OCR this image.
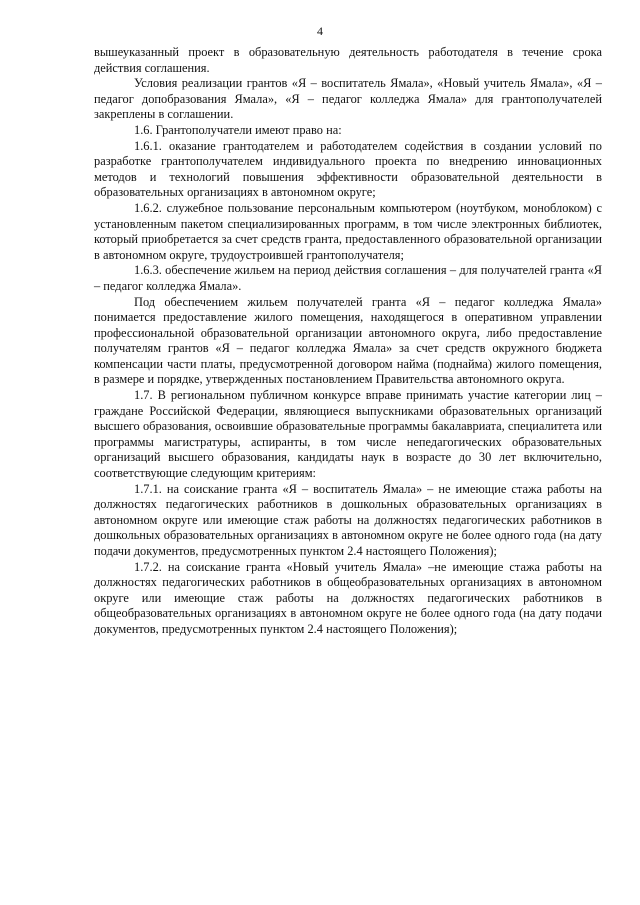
4

вышеуказанный проект в образовательную деятельность работодателя в течение срока действия соглашения.

Условия реализации грантов «Я – воспитатель Ямала», «Новый учитель Ямала», «Я – педагог допобразования Ямала», «Я – педагог колледжа Ямала» для грантополучателей закреплены в соглашении.

1.6. Грантополучатели имеют право на:

1.6.1. оказание грантодателем и работодателем содействия в создании условий по разработке грантополучателем индивидуального проекта по внедрению инновационных методов и технологий повышения эффективности образовательной деятельности в образовательных организациях в автономном округе;

1.6.2. служебное пользование персональным компьютером (ноутбуком, моноблоком) с установленным пакетом специализированных программ, в том числе электронных библиотек, который приобретается за счет средств гранта, предоставленного образовательной организации в автономном округе, трудоустроившей грантополучателя;

1.6.3. обеспечение жильем на период действия соглашения – для получателей гранта «Я – педагог колледжа Ямала».

Под обеспечением жильем получателей гранта «Я – педагог колледжа Ямала» понимается предоставление жилого помещения, находящегося в оперативном управлении профессиональной образовательной организации автономного округа, либо предоставление получателям грантов «Я – педагог колледжа Ямала» за счет средств окружного бюджета компенсации части платы, предусмотренной договором найма (поднайма) жилого помещения, в размере и порядке, утвержденных постановлением Правительства автономного округа.

1.7. В региональном публичном конкурсе вправе принимать участие категории лиц – граждане Российской Федерации, являющиеся выпускниками образовательных организаций высшего образования, освоившие образовательные программы бакалавриата, специалитета или программы магистратуры, аспиранты, в том числе непедагогических образовательных организаций высшего образования, кандидаты наук в возрасте до 30 лет включительно, соответствующие следующим критериям:

1.7.1. на соискание гранта «Я – воспитатель Ямала» – не имеющие стажа работы на должностях педагогических работников в дошкольных образовательных организациях в автономном округе или имеющие стаж работы на должностях педагогических работников в дошкольных образовательных организациях в автономном округе не более одного года (на дату подачи документов, предусмотренных пунктом 2.4 настоящего Положения);

1.7.2. на соискание гранта «Новый учитель Ямала» –не имеющие стажа работы на должностях педагогических работников в общеобразовательных организациях в автономном округе или имеющие стаж работы на должностях педагогических работников в общеобразовательных организациях в автономном округе не более одного года (на дату подачи документов, предусмотренных пунктом 2.4 настоящего Положения);
